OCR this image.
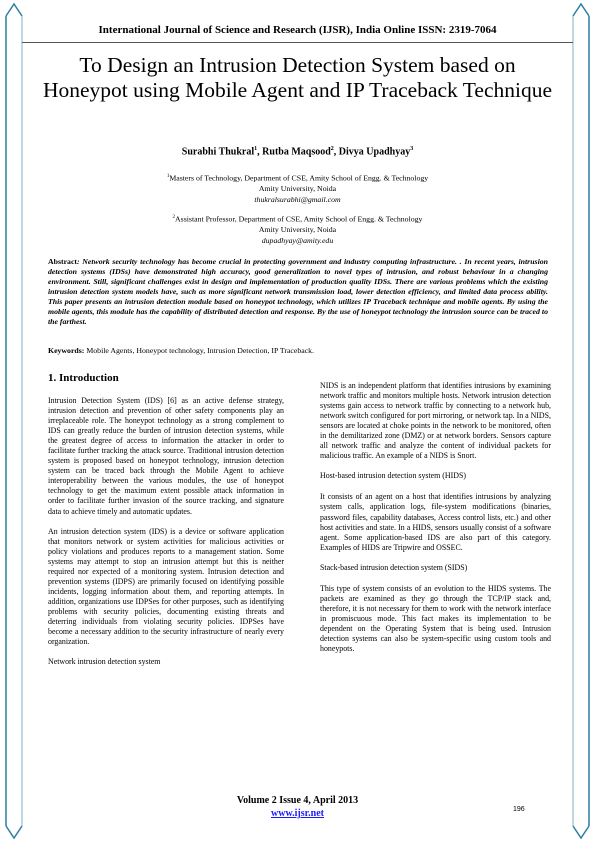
International Journal of Science and Research (IJSR), India Online ISSN: 2319-7064
To Design an Intrusion Detection System based on Honeypot using Mobile Agent and IP Traceback Technique
Surabhi Thukral$^1$, Rutba Maqsood$^2$, Divya Upadhyay$^3$
$^1$Masters of Technology, Department of CSE, Amity School of Engg. & Technology
Amity University, Noida
thukralsurabhi@gmail.com
$^2$Assistant Professor, Department of CSE, Amity School of Engg. & Technology
Amity University, Noida
dupadhyay@amity.edu
Abstract: Network security technology has become crucial in protecting government and industry computing infrastructure. . In recent years, intrusion detection systems (IDSs) have demonstrated high accuracy, good generalization to novel types of intrusion, and robust behaviour in a changing environment. Still, significant challenges exist in design and implementation of production quality IDSs. There are various problems which the existing intrusion detection system models have, such as more significant network transmission load, lower detection efficiency, and limited data process ability. This paper presents an intrusion detection module based on honeypot technology, which utilizes IP Traceback technique and mobile agents. By using the mobile agents, this module has the capability of distributed detection and response. By the use of honeypot technology the intrusion source can be traced to the farthest.
Keywords: Mobile Agents, Honeypot technology, Intrusion Detection, IP Traceback.
1. Introduction

Intrusion Detection System (IDS) [6] as an active defense strategy, intrusion detection and prevention of other safety components play an irreplaceable role. The honeypot technology as a strong complement to IDS can greatly reduce the burden of intrusion detection systems, while the greatest degree of access to information the attacker in order to facilitate further tracking the attack source. Traditional intrusion detection system is proposed based on honeypot technology, intrusion detection system can be traced back through the Mobile Agent to achieve interoperability between the various modules, the use of honeypot technology to get the maximum extent possible attack information in order to facilitate further invasion of the source tracking, and signature data to achieve timely and automatic updates.

An intrusion detection system (IDS) is a device or software application that monitors network or system activities for malicious activities or policy violations and produces reports to a management station. Some systems may attempt to stop an intrusion attempt but this is neither required nor expected of a monitoring system. Intrusion detection and prevention systems (IDPS) are primarily focused on identifying possible incidents, logging information about them, and reporting attempts. In addition, organizations use IDPSes for other purposes, such as identifying problems with security policies, documenting existing threats and deterring individuals from violating security policies. IDPSes have become a necessary addition to the security infrastructure of nearly every organization.

Network intrusion detection system

NIDS is an independent platform that identifies intrusions by examining network traffic and monitors multiple hosts. Network intrusion detection systems gain access to network traffic by connecting to a network hub, network switch configured for port mirroring, or network tap. In a NIDS, sensors are located at choke points in the network to be monitored, often in the demilitarized zone (DMZ) or at network borders. Sensors capture all network traffic and analyze the content of individual packets for malicious traffic. An example of a NIDS is Snort.

Host-based intrusion detection system (HIDS)

It consists of an agent on a host that identifies intrusions by analyzing system calls, application logs, file-system modifications (binaries, password files, capability databases, Access control lists, etc.) and other host activities and state. In a HIDS, sensors usually consist of a software agent. Some application-based IDS are also part of this category. Examples of HIDS are Tripwire and OSSEC.

Stack-based intrusion detection system (SIDS)

This type of system consists of an evolution to the HIDS systems. The packets are examined as they go through the TCP/IP stack and, therefore, it is not necessary for them to work with the network interface in promiscuous mode. This fact makes its implementation to be dependent on the Operating System that is being used. Intrusion detection systems can also be system-specific using custom tools and honeypots.

Volume 2 Issue 4, April 2013
www.ijsr.net	196
